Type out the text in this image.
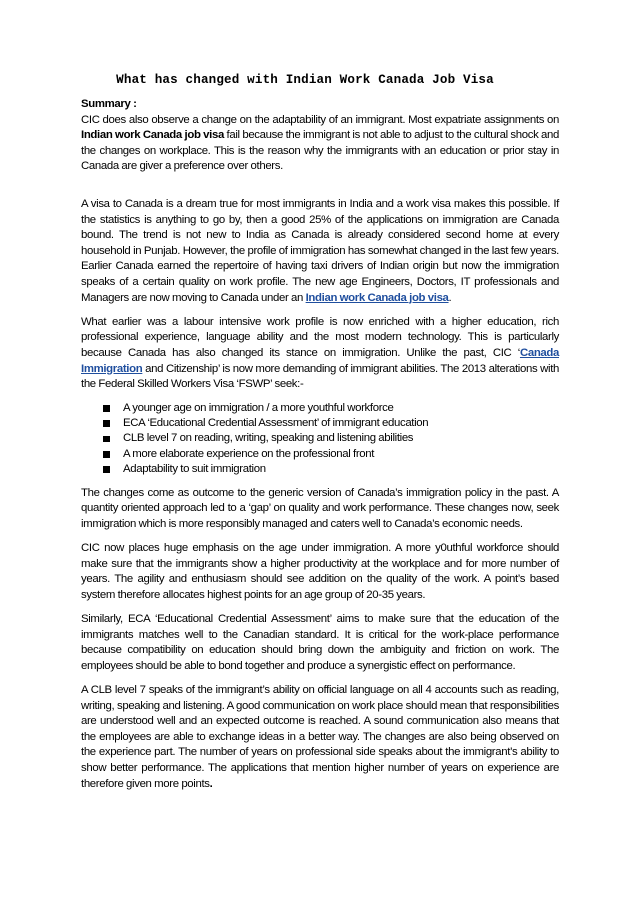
What has changed with Indian Work Canada Job Visa

Summary :

CIC does also observe a change on the adaptability of an immigrant. Most expatriate assignments on Indian work Canada job visa fail because the immigrant is not able to adjust to the cultural shock and the changes on workplace. This is the reason why the immigrants with an education or prior stay in Canada are giver a preference over others.

A visa to Canada is a dream true for most immigrants in India and a work visa makes this possible. If the statistics is anything to go by, then a good 25% of the applications on immigration are Canada bound. The trend is not new to India as Canada is already considered second home at every household in Punjab. However, the profile of immigration has somewhat changed in the last few years. Earlier Canada earned the repertoire of having taxi drivers of Indian origin but now the immigration speaks of a certain quality on work profile. The new age Engineers, Doctors, IT professionals and Managers are now moving to Canada under an Indian work Canada job visa.

What earlier was a labour intensive work profile is now enriched with a higher education, rich professional experience, language ability and the most modern technology. This is particularly because Canada has also changed its stance on immigration. Unlike the past, CIC ‘Canada Immigration and Citizenship’ is now more demanding of immigrant abilities. The 2013 alterations with the Federal Skilled Workers Visa ‘FSWP’ seek:-

A younger age on immigration / a more youthful workforce
ECA ‘Educational Credential Assessment’ of immigrant education
CLB level 7 on reading, writing, speaking and listening abilities
A more elaborate experience on the professional front
Adaptability to suit immigration

The changes come as outcome to the generic version of Canada’s immigration policy in the past. A quantity oriented approach led to a ‘gap’ on quality and work performance. These changes now, seek immigration which is more responsibly managed and caters well to Canada’s economic needs.

CIC now places huge emphasis on the age under immigration. A more y0uthful workforce should make sure that the immigrants show a higher productivity at the workplace and for more number of years. The agility and enthusiasm should see addition on the quality of the work. A point’s based system therefore allocates highest points for an age group of 20-35 years.

Similarly, ECA ‘Educational Credential Assessment’ aims to make sure that the education of the immigrants matches well to the Canadian standard. It is critical for the work-place performance because compatibility on education should bring down the ambiguity and friction on work. The employees should be able to bond together and produce a synergistic effect on performance.

A CLB level 7 speaks of the immigrant’s ability on official language on all 4 accounts such as reading, writing, speaking and listening. A good communication on work place should mean that responsibilities are understood well and an expected outcome is reached. A sound communication also means that the employees are able to exchange ideas in a better way. The changes are also being observed on the experience part. The number of years on professional side speaks about the immigrant’s ability to show better performance. The applications that mention higher number of years on experience are therefore given more points.
